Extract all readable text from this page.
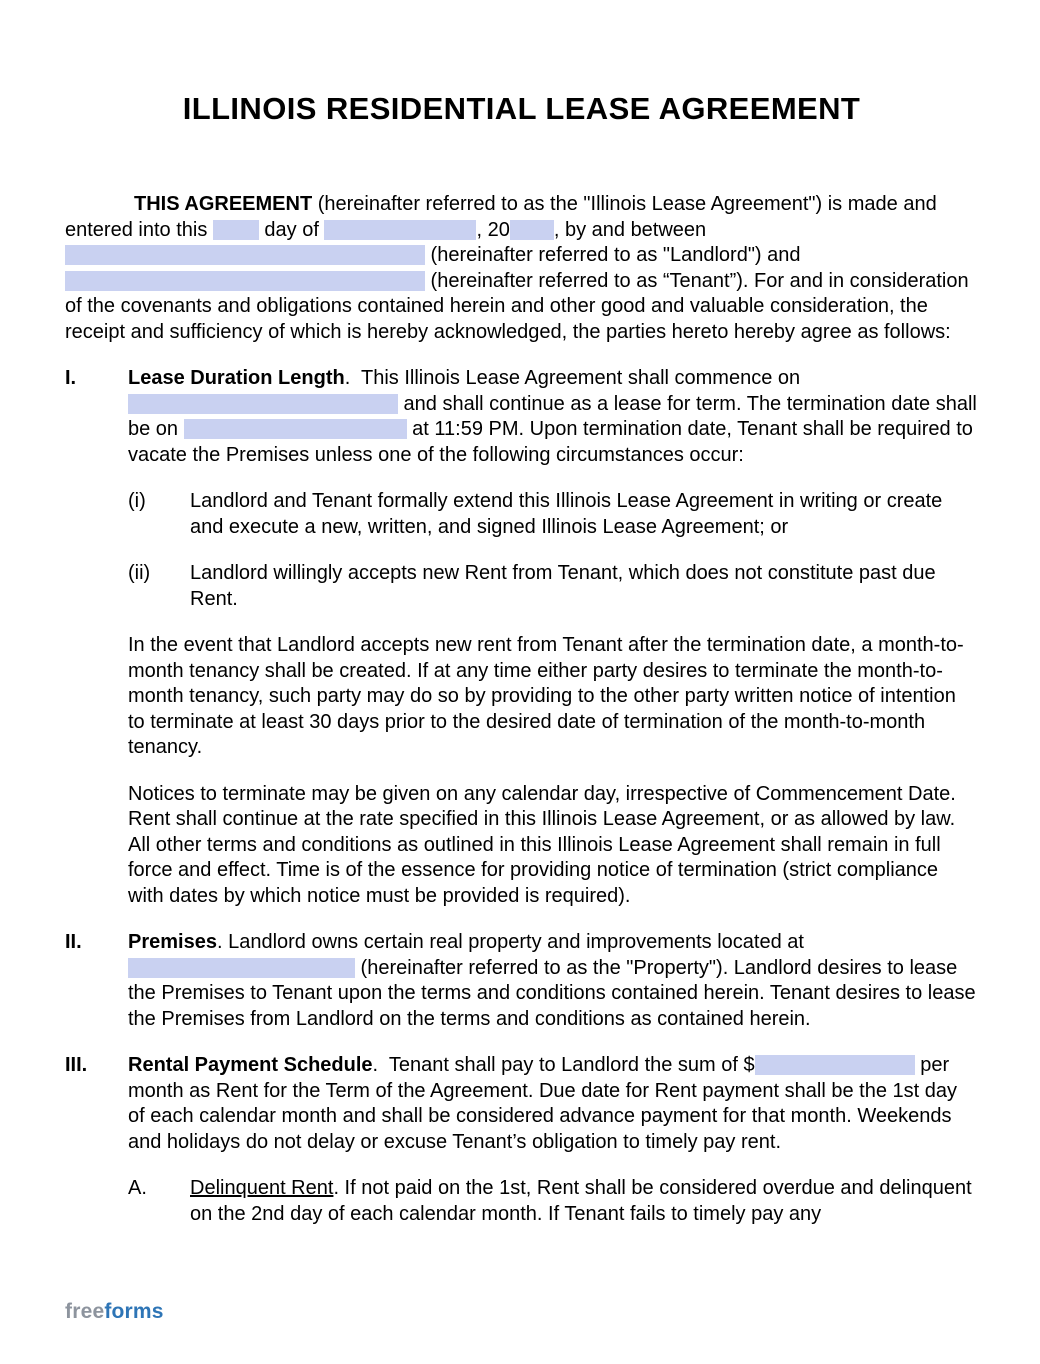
ILLINOIS RESIDENTIAL LEASE AGREEMENT

THIS AGREEMENT (hereinafter referred to as the "Illinois Lease Agreement") is made and entered into this  day of	, 20 , by and between  (hereinafter referred to as "Landlord") and  (hereinafter referred to as “Tenant”). For and in consideration of the covenants and obligations contained herein and other good and valuable consideration, the receipt and sufficiency of which is hereby acknowledged, the parties hereto hereby agree as follows:

I.	Lease Duration Length.  This Illinois Lease Agreement shall commence on  and shall continue as a lease for term. The termination date shall be on	at 11:59 PM. Upon termination date, Tenant shall be required to vacate the Premises unless one of the following circumstances occur:
(i)	Landlord and Tenant formally extend this Illinois Lease Agreement in writing or create and execute a new, written, and signed Illinois Lease Agreement; or
(ii)	Landlord willingly accepts new Rent from Tenant, which does not constitute past due Rent.

In the event that Landlord accepts new rent from Tenant after the termination date, a month-to-month tenancy shall be created. If at any time either party desires to terminate the month-to-month tenancy, such party may do so by providing to the other party written notice of intention to terminate at least 30 days prior to the desired date of termination of the month-to-month tenancy.

Notices to terminate may be given on any calendar day, irrespective of Commencement Date. Rent shall continue at the rate specified in this Illinois Lease Agreement, or as allowed by law. All other terms and conditions as outlined in this Illinois Lease Agreement shall remain in full force and effect. Time is of the essence for providing notice of termination (strict compliance with dates by which notice must be provided is required).

II.	Premises. Landlord owns certain real property and improvements located at  (hereinafter referred to as the "Property"). Landlord desires to lease the Premises to Tenant upon the terms and conditions contained herein. Tenant desires to lease the Premises from Landlord on the terms and conditions as contained herein.
III.	Rental Payment Schedule.  Tenant shall pay to Landlord the sum of $	per month as Rent for the Term of the Agreement. Due date for Rent payment shall be the 1st day of each calendar month and shall be considered advance payment for that month. Weekends and holidays do not delay or excuse Tenant’s obligation to timely pay rent.
A.	Delinquent Rent. If not paid on the 1st, Rent shall be considered overdue and delinquent on the 2nd day of each calendar month. If Tenant fails to timely pay any
freeforms
